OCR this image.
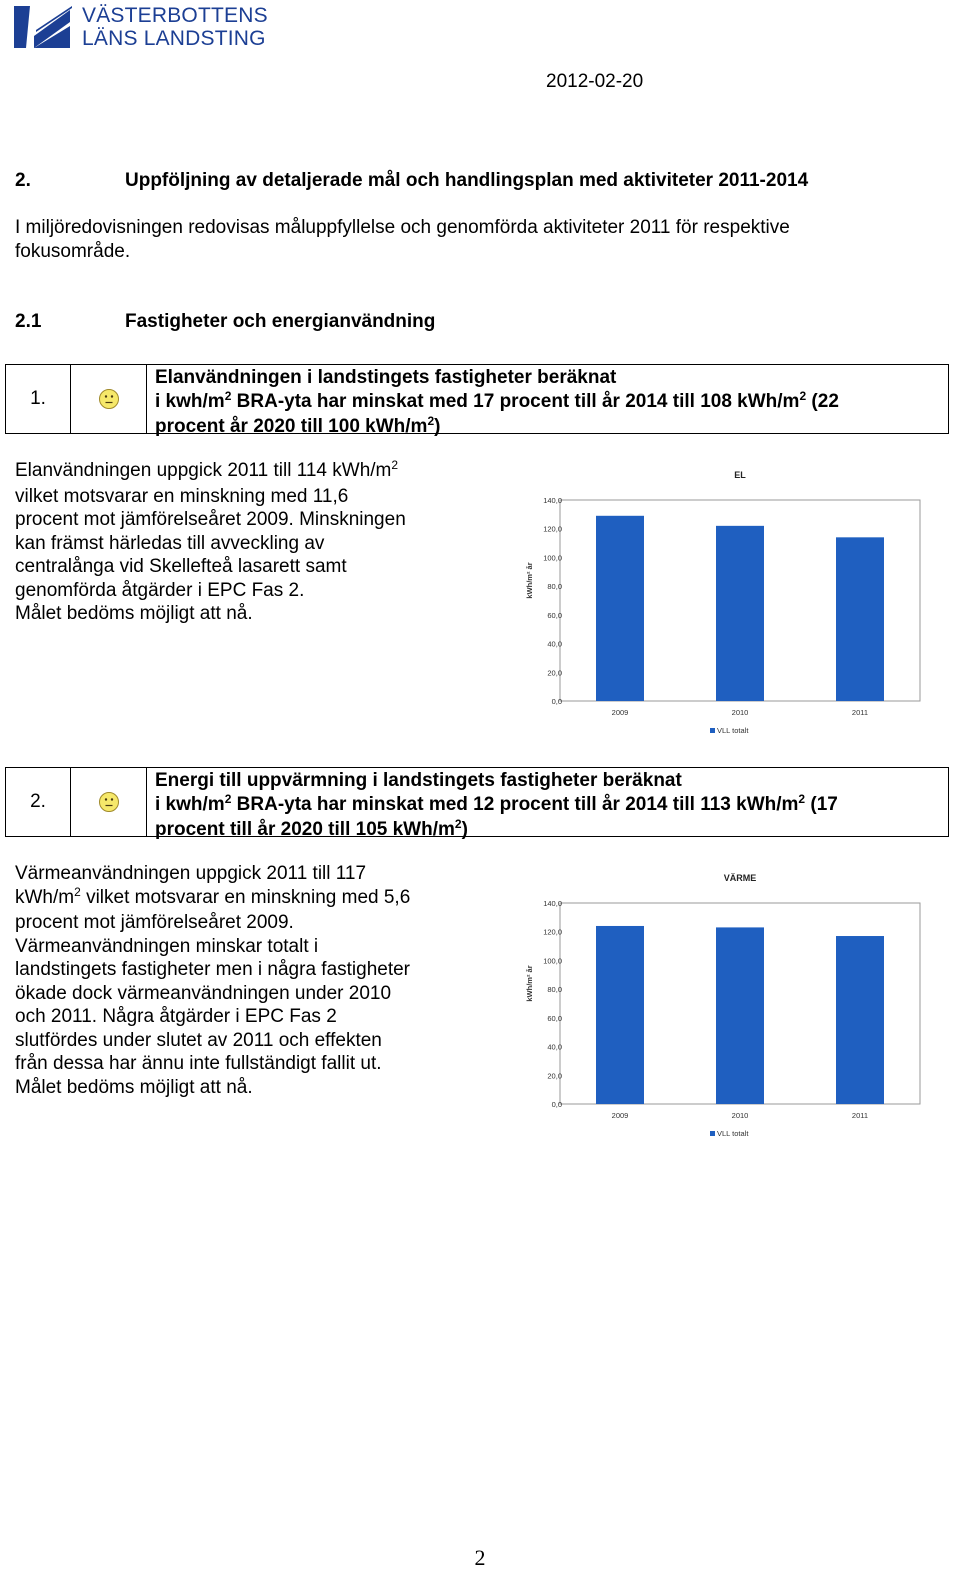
VÄSTERBOTTENS
LÄNS LANDSTING
2012-02-20
2.	Uppföljning av detaljerade mål och handlingsplan med aktiviteter 2011-2014
I miljöredovisningen redovisas måluppfyllelse och genomförda aktiviteter 2011 för respektive
fokusområde.
2.1	Fastigheter och energianvändning
1.
Elanvändningen i landstingets fastigheter beräknat
i kwh/$m^2$ BRA-yta har minskat med 17 procent till år 2014 till 108 kWh/$m^2$ (22
procent år 2020 till 100 kWh/$m^2$)
Elanvändningen uppgick 2011 till 114 kWh/$m^2$
vilket motsvarar en minskning med 11,6
procent mot jämförelseåret 2009. Minskningen
kan främst härledas till avveckling av
centralånga vid Skellefteå lasarett samt
genomförda åtgärder i EPC Fas 2.
Målet bedöms möjligt att nå.
EL
0,0
20,0
40,0
60,0
80,0
100,0
120,0
140,0
kWh/m² år
2009	2010	2011
VLL totalt
2.
Energi till uppvärmning i landstingets fastigheter beräknat
i kwh/$m^2$ BRA-yta har minskat med 12 procent till år 2014 till 113 kWh/$m^2$ (17
procent till år 2020 till 105 kWh/$m^2$)
Värmeanvändningen uppgick 2011 till 117
kWh/$m^2$ vilket motsvarar en minskning med 5,6
procent mot jämförelseåret 2009.
Värmeanvändningen minskar totalt i
landstingets fastigheter men i några fastigheter
ökade dock värmeanvändningen under 2010
och 2011. Några åtgärder i EPC Fas 2
slutfördes under slutet av 2011 och effekten
från dessa har ännu inte fullständigt fallit ut.
Målet bedöms möjligt att nå.
VÄRME
0,0
20,0
40,0
60,0
80,0
100,0
120,0
140,0
kWh/m² år
2009	2010	2011
VLL totalt
2
